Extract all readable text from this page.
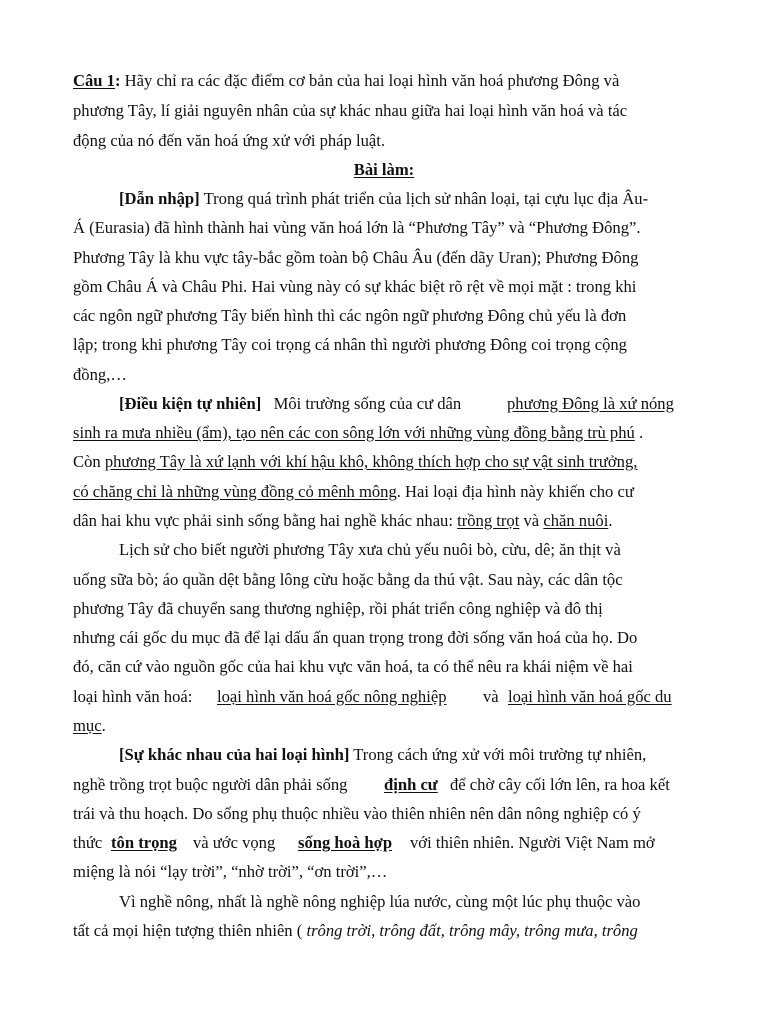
Câu 1: Hãy chỉ ra các đặc điểm cơ bản của hai loại hình văn hoá phương Đông và
phương Tây, lí giải nguyên nhân của sự khác nhau giữa hai loại hình văn hoá và tác
động của nó đến văn hoá ứng xử với pháp luật.
Bài làm:
[Dẫn nhập] Trong quá trình phát triển của lịch sử nhân loại, tại cựu lục địa Âu-
Á (Eurasia) đã hình thành hai vùng văn hoá lớn là “Phương Tây” và “Phương Đông”.
Phương Tây là khu vực tây-bắc gồm toàn bộ Châu Âu (đến dãy Uran); Phương Đông
gồm Châu Á và Châu Phi. Hai vùng này có sự khác biệt rõ rệt về mọi mặt : trong khi
các ngôn ngữ phương Tây biến hình thì các ngôn ngữ phương Đông chủ yếu là đơn
lập; trong khi phương Tây coi trọng cá nhân thì người phương Đông coi trọng cộng
đồng,…
[Điều kiện tự nhiên] Môi trường sống của cư dân	phương Đông là xứ nóng
sinh ra mưa nhiều (ẩm), tạo nên các con sông lớn với những vùng đồng bằng trù phú .
Còn phương Tây là xứ lạnh với khí hậu khô, không thích hợp cho sự vật sinh trưởng,
có chăng chỉ là những vùng đồng cỏ mênh mông. Hai loại địa hình này khiến cho cư
dân hai khu vực phải sinh sống bằng hai nghề khác nhau: trồng trọt và chăn nuôi.
Lịch sử cho biết người phương Tây xưa chủ yếu nuôi bò, cừu, dê; ăn thịt và
uống sữa bò; áo quần dệt bằng lông cừu hoặc bằng da thú vật. Sau này, các dân tộc
phương Tây đã chuyển sang thương nghiệp, rồi phát triển công nghiệp và đô thị
nhưng cái gốc du mục đã để lại dấu ấn quan trọng trong đời sống văn hoá của họ. Do
đó, căn cứ vào nguồn gốc của hai khu vực văn hoá, ta có thể nêu ra khái niệm về hai
loại hình văn hoá: loại hình văn hoá gốc nông nghiệp và loại hình văn hoá gốc du
mục.
[Sự khác nhau của hai loại hình] Trong cách ứng xử với môi trường tự nhiên,
nghề trồng trọt buộc người dân phải sống định cư để chờ cây cối lớn lên, ra hoa kết
trái và thu hoạch. Do sống phụ thuộc nhiều vào thiên nhiên nên dân nông nghiệp có ý
thức tôn trọng và ước vọng sống hoà hợp với thiên nhiên. Người Việt Nam mở
miệng là nói “lạy trời”, “nhờ trời”, “ơn trời”,…
Vì nghề nông, nhất là nghề nông nghiệp lúa nước, cùng một lúc phụ thuộc vào
tất cả mọi hiện tượng thiên nhiên ( trông trời, trông đất, trông mây, trông mưa, trông
